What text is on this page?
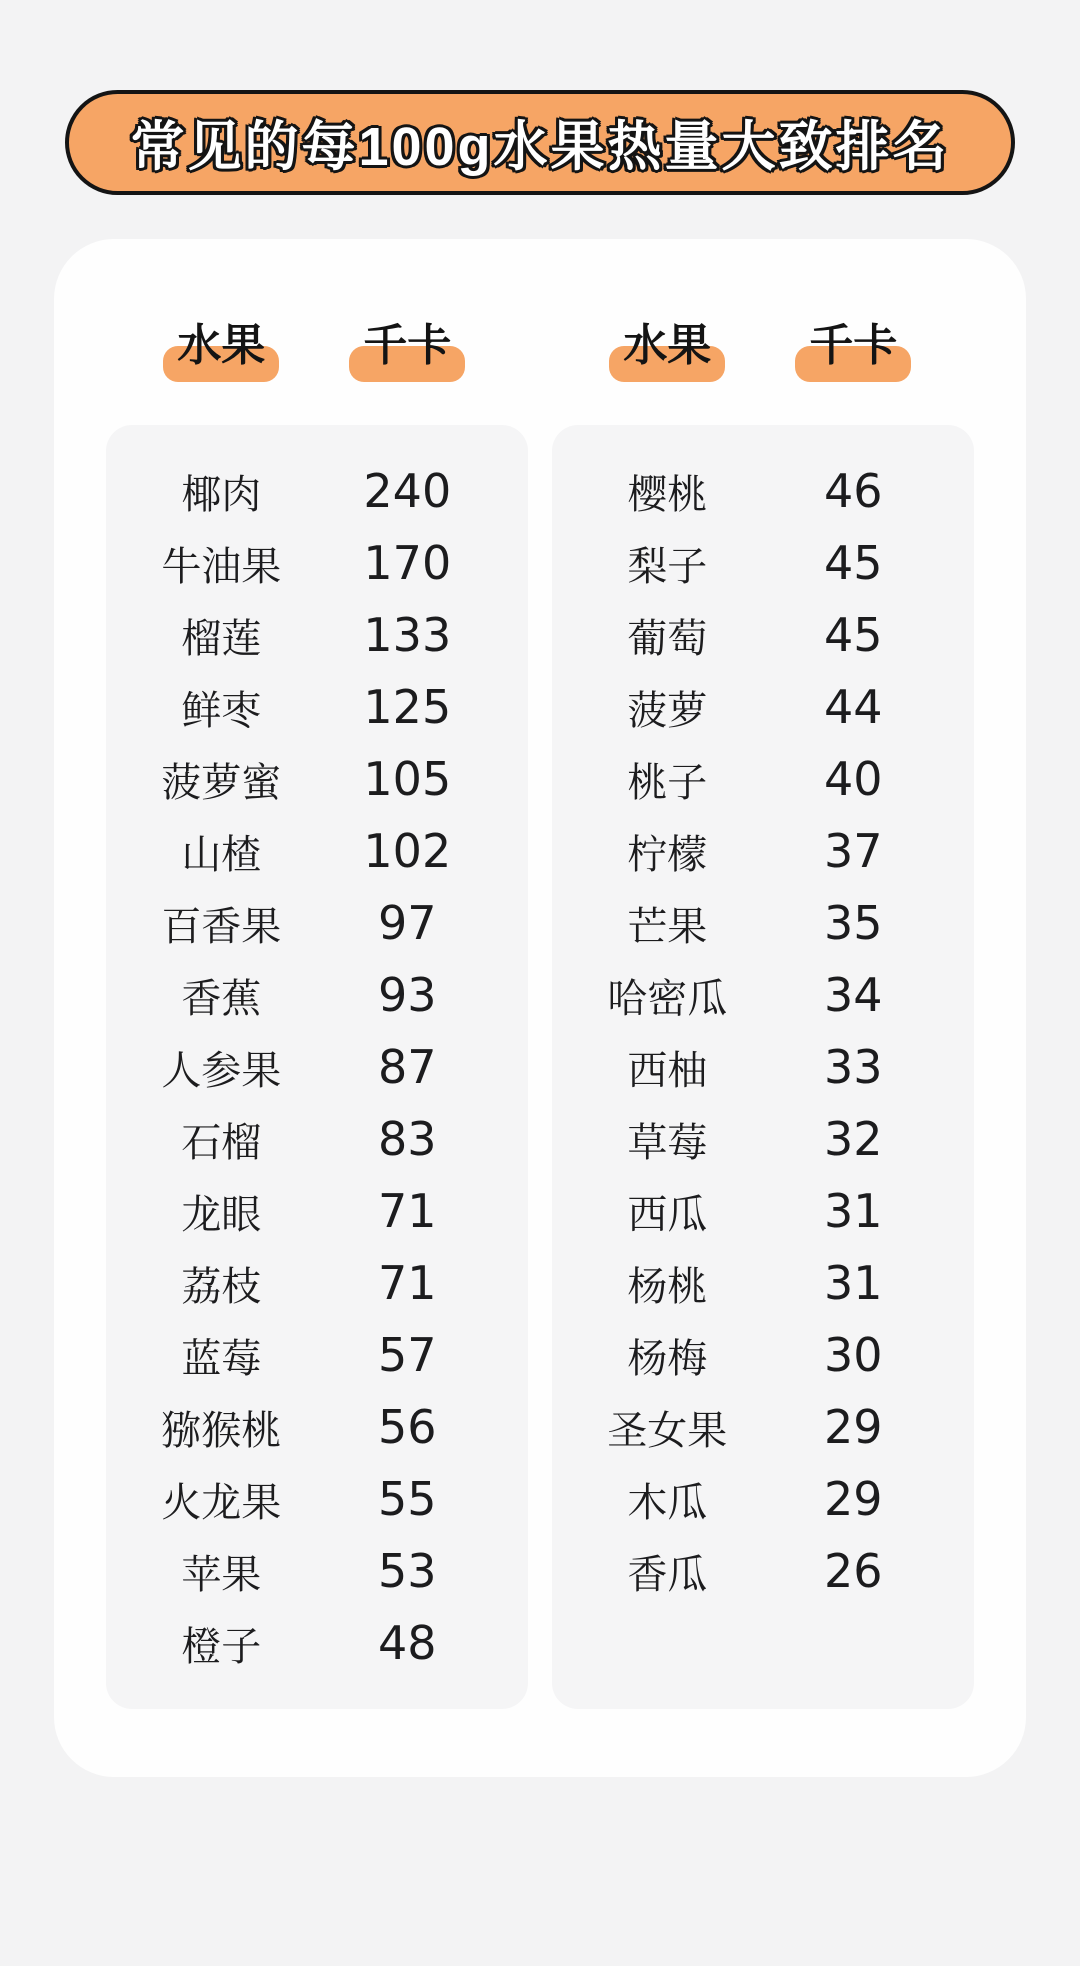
常见的每100g水果热量大致排名
水果	千卡
椰肉	240
牛油果	170
榴莲	133
鲜枣	125
菠萝蜜	105
山楂	102
百香果	97
香蕉	93
人参果	87
石榴	83
龙眼	71
荔枝	71
蓝莓	57
猕猴桃	56
火龙果	55
苹果	53
橙子	48
水果	千卡
樱桃	46
梨子	45
葡萄	45
菠萝	44
桃子	40
柠檬	37
芒果	35
哈密瓜	34
西柚	33
草莓	32
西瓜	31
杨桃	31
杨梅	30
圣女果	29
木瓜	29
香瓜	26
